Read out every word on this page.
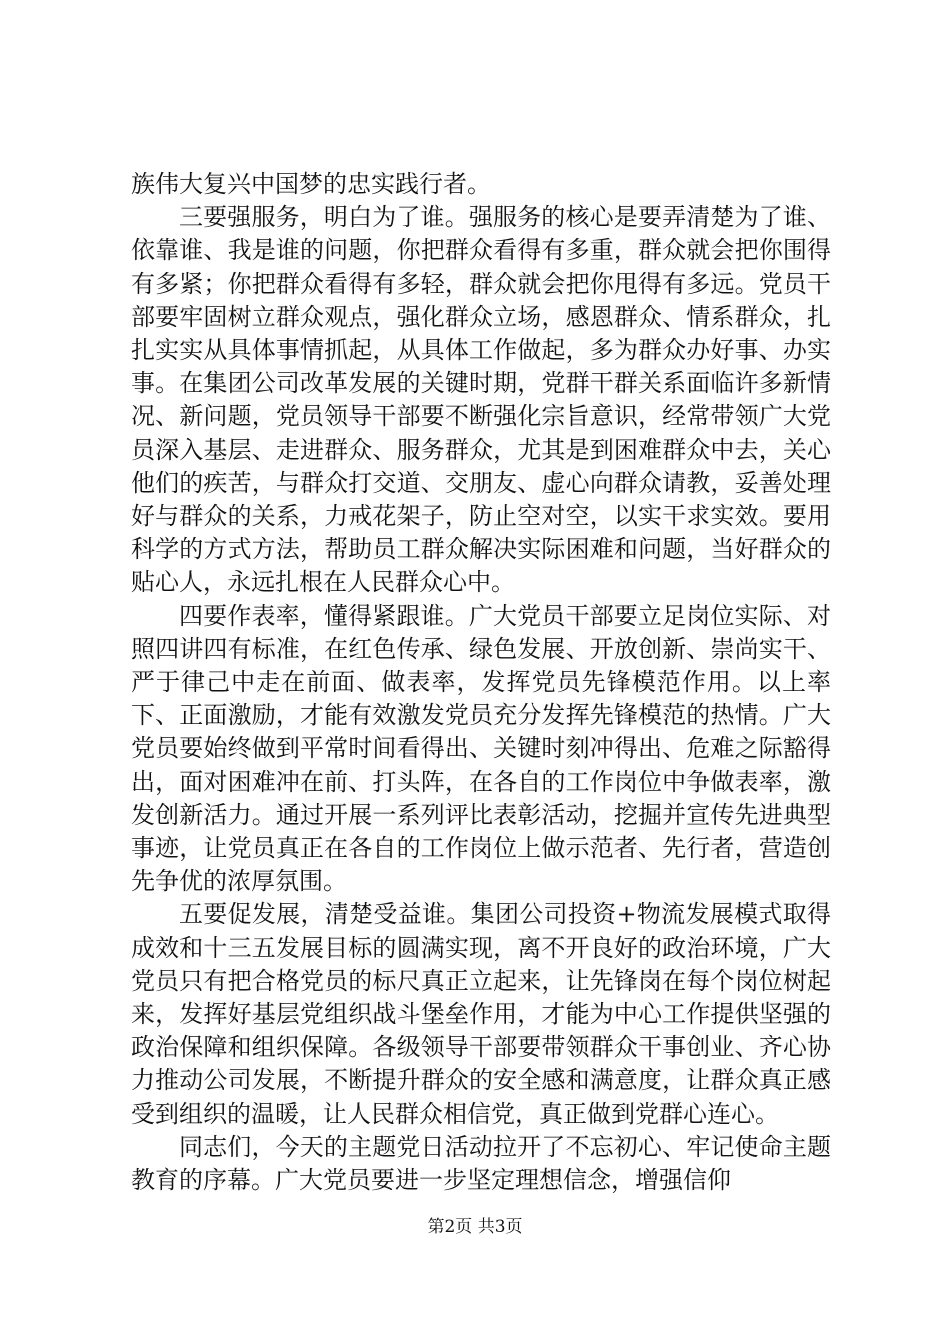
族伟大复兴中国梦的忠实践行者。

三要强服务，明白为了谁。强服务的核心是要弄清楚为了谁、依靠谁、我是谁的问题，你把群众看得有多重，群众就会把你围得有多紧；你把群众看得有多轻，群众就会把你甩得有多远。党员干部要牢固树立群众观点，强化群众立场，感恩群众、情系群众，扎扎实实从具体事情抓起，从具体工作做起，多为群众办好事、办实事。在集团公司改革发展的关键时期，党群干群关系面临许多新情况、新问题，党员领导干部要不断强化宗旨意识，经常带领广大党员深入基层、走进群众、服务群众，尤其是到困难群众中去，关心他们的疾苦，与群众打交道、交朋友、虚心向群众请教，妥善处理好与群众的关系，力戒花架子，防止空对空，以实干求实效。要用科学的方式方法，帮助员工群众解决实际困难和问题，当好群众的贴心人，永远扎根在人民群众心中。

四要作表率，懂得紧跟谁。广大党员干部要立足岗位实际、对照四讲四有标准，在红色传承、绿色发展、开放创新、崇尚实干、严于律己中走在前面、做表率，发挥党员先锋模范作用。以上率下、正面激励，才能有效激发党员充分发挥先锋模范的热情。广大党员要始终做到平常时间看得出、关键时刻冲得出、危难之际豁得出，面对困难冲在前、打头阵，在各自的工作岗位中争做表率，激发创新活力。通过开展一系列评比表彰活动，挖掘并宣传先进典型事迹，让党员真正在各自的工作岗位上做示范者、先行者，营造创先争优的浓厚氛围。

五要促发展，清楚受益谁。集团公司投资+物流发展模式取得成效和十三五发展目标的圆满实现，离不开良好的政治环境，广大党员只有把合格党员的标尺真正立起来，让先锋岗在每个岗位树起来，发挥好基层党组织战斗堡垒作用，才能为中心工作提供坚强的政治保障和组织保障。各级领导干部要带领群众干事创业、齐心协力推动公司发展，不断提升群众的安全感和满意度，让群众真正感受到组织的温暖，让人民群众相信党，真正做到党群心连心。

同志们，今天的主题党日活动拉开了不忘初心、牢记使命主题教育的序幕。广大党员要进一步坚定理想信念，增强信仰

第2页 共3页
